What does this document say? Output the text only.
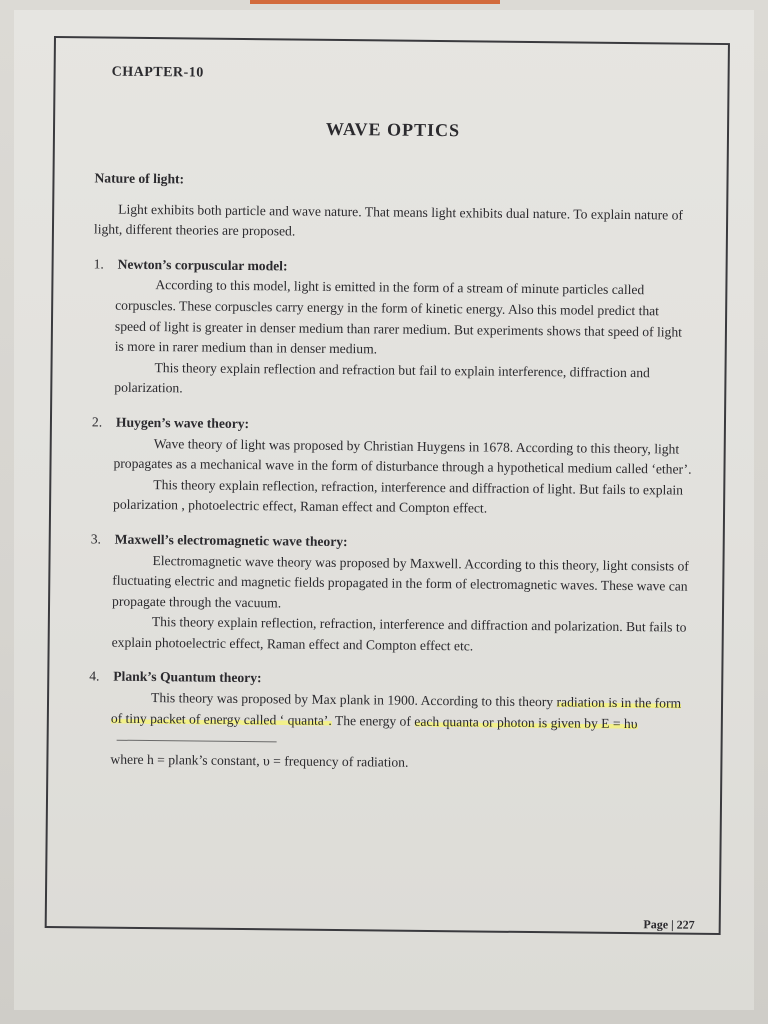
CHAPTER-10
WAVE OPTICS

Nature of light:

Light exhibits both particle and wave nature. That means light exhibits dual nature. To explain nature of light, different theories are proposed.

1. Newton’s corpuscular model:

According to this model, light is emitted in the form of a stream of minute particles called corpuscles. These corpuscles carry energy in the form of kinetic energy. Also this model predict that speed of light is greater in denser medium than rarer medium. But experiments shows that speed of light is more in rarer medium than in denser medium.

This theory explain reflection and refraction but fail to explain interference, diffraction and polarization.

2. Huygen’s wave theory:

Wave theory of light was proposed by Christian Huygens in 1678. According to this theory, light propagates as a mechanical wave in the form of disturbance through a hypothetical medium called ‘ether’.

This theory explain reflection, refraction, interference and diffraction of light. But fails to explain polarization , photoelectric effect, Raman effect and Compton effect.

3. Maxwell’s electromagnetic wave theory:

Electromagnetic wave theory was proposed by Maxwell. According to this theory, light consists of fluctuating electric and magnetic fields propagated in the form of electromagnetic waves. These wave can propagate through the vacuum.

This theory explain reflection, refraction, interference and diffraction and polarization. But fails to explain photoelectric effect, Raman effect and Compton effect etc.

4. Plank’s Quantum theory:

This theory was proposed by Max plank in 1900. According to this theory radiation is in the form of tiny packet of energy called ‘ quanta’. The energy of each quanta or photon is given by E = hυ

where h = plank’s constant, υ = frequency of radiation.

Page | 227
